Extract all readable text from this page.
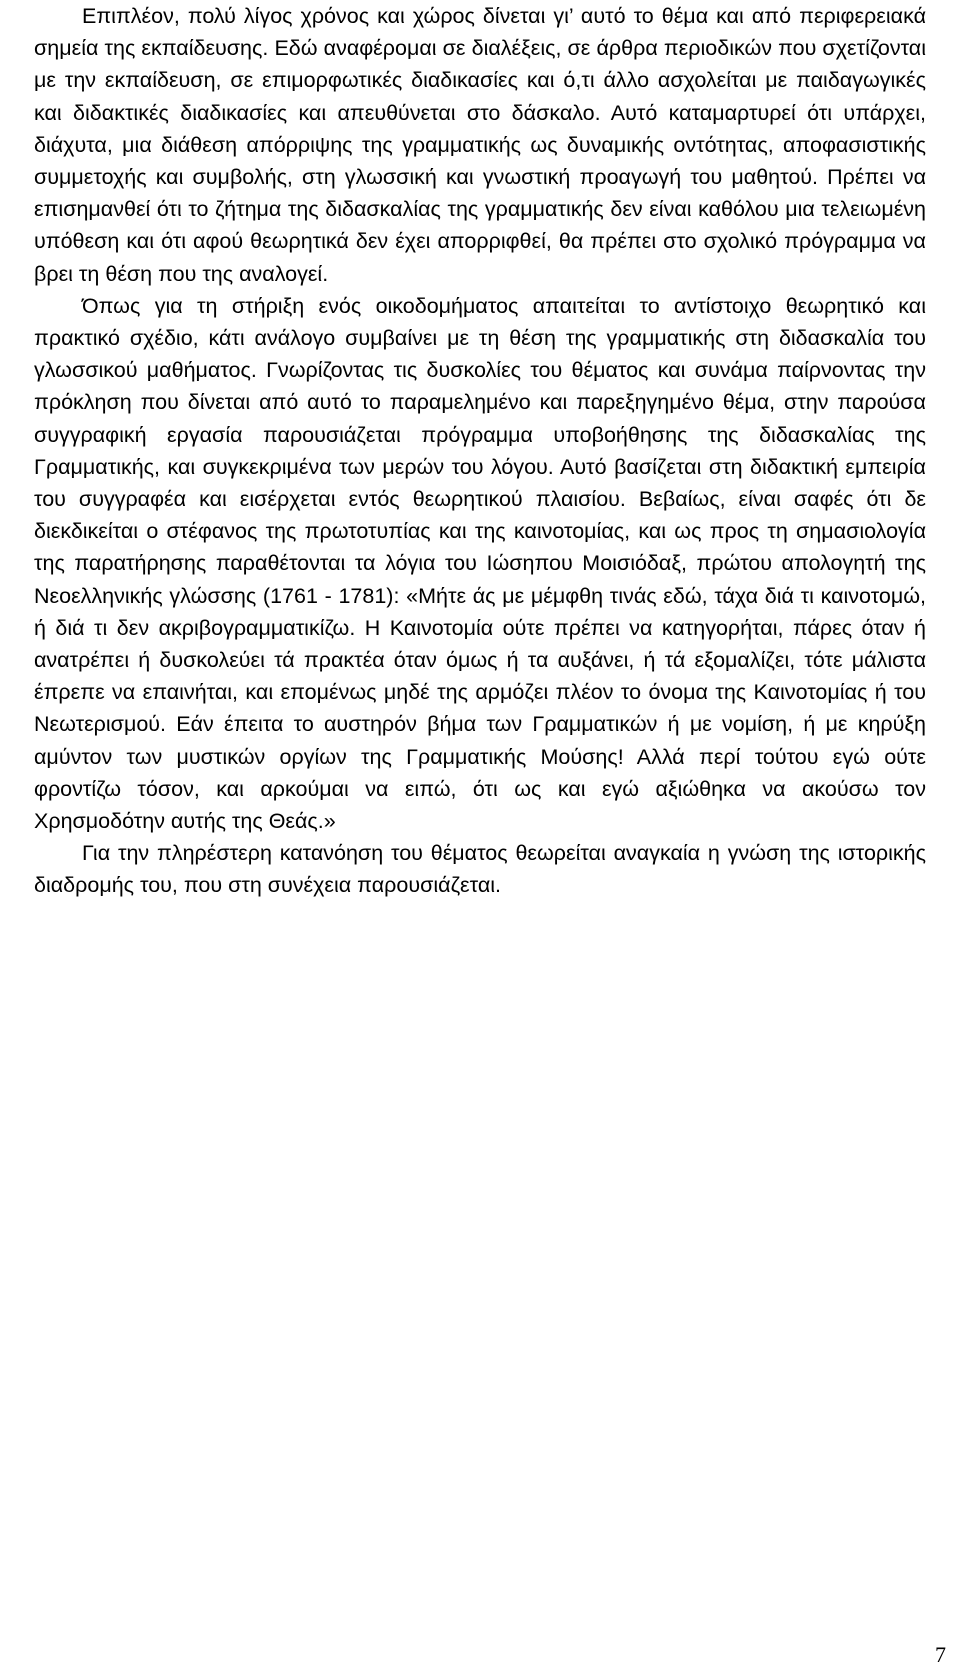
Επιπλέον, πολύ λίγος χρόνος και χώρος δίνεται γι’ αυτό το θέμα και από περιφερειακά σημεία της εκπαίδευσης. Εδώ αναφέρομαι σε διαλέξεις, σε άρθρα περιοδικών που σχετίζονται με την εκπαίδευση, σε επιμορφωτικές διαδικασίες και ό,τι άλλο ασχολείται με παιδαγωγικές και διδακτικές διαδικασίες και απευθύνεται στο δάσκαλο. Αυτό καταμαρτυρεί ότι υπάρχει, διάχυτα, μια διάθεση απόρριψης της γραμματικής ως δυναμικής οντότητας, αποφασιστικής συμμετοχής και συμβολής, στη γλωσσική και γνωστική προαγωγή του μαθητού. Πρέπει να επισημανθεί ότι το ζήτημα της διδασκαλίας της γραμματικής δεν είναι καθόλου μια τελειωμένη υπόθεση και ότι αφού θεωρητικά δεν έχει απορριφθεί, θα πρέπει στο σχολικό πρόγραμμα να βρει τη θέση που της αναλογεί.

Όπως για τη στήριξη ενός οικοδομήματος απαιτείται το αντίστοιχο θεωρητικό και πρακτικό σχέδιο, κάτι ανάλογο συμβαίνει με τη θέση της γραμματικής στη διδασκαλία του γλωσσικού μαθήματος. Γνωρίζοντας τις δυσκολίες του θέματος και συνάμα παίρνοντας την πρόκληση που δίνεται από αυτό το παραμελημένο και παρεξηγημένο θέμα, στην παρούσα συγγραφική εργασία παρουσιάζεται πρόγραμμα υποβοήθησης της διδασκαλίας της Γραμματικής, και συγκεκριμένα των μερών του λόγου. Αυτό βασίζεται στη διδακτική εμπειρία του συγγραφέα και εισέρχεται εντός θεωρητικού πλαισίου. Βεβαίως, είναι σαφές ότι δε διεκδικείται ο στέφανος της πρωτοτυπίας και της καινοτομίας, και ως προς τη σημασιολογία της παρατήρησης παραθέτονται τα λόγια του Ιώσηπου Μοισιόδαξ, πρώτου απολογητή της Νεοελληνικής γλώσσης (1761 - 1781): «Μήτε άς με μέμφθη τινάς εδώ, τάχα διά τι καινοτομώ, ή διά τι δεν ακριβογραμματικίζω. Η Καινοτομία ούτε πρέπει να κατηγορήται, πάρες όταν ή ανατρέπει ή δυσκολεύει τά πρακτέα όταν όμως ή τα αυξάνει, ή τά εξομαλίζει, τότε μάλιστα έπρεπε να επαινήται, και επομένως μηδέ της αρμόζει πλέον το όνομα της Καινοτομίας ή του Νεωτερισμού. Εάν έπειτα το αυστηρόν βήμα των Γραμματικών ή με νομίση, ή με κηρύξη αμύντον των μυστικών οργίων της Γραμματικής Μούσης! Αλλά περί τούτου εγώ ούτε φροντίζω τόσον, και αρκούμαι να ειπώ, ότι ως και εγώ αξιώθηκα να ακούσω τον Χρησμοδότην αυτής της Θεάς.»

Για την πληρέστερη κατανόηση του θέματος θεωρείται αναγκαία η γνώση της ιστορικής διαδρομής του, που στη συνέχεια παρουσιάζεται.

7
